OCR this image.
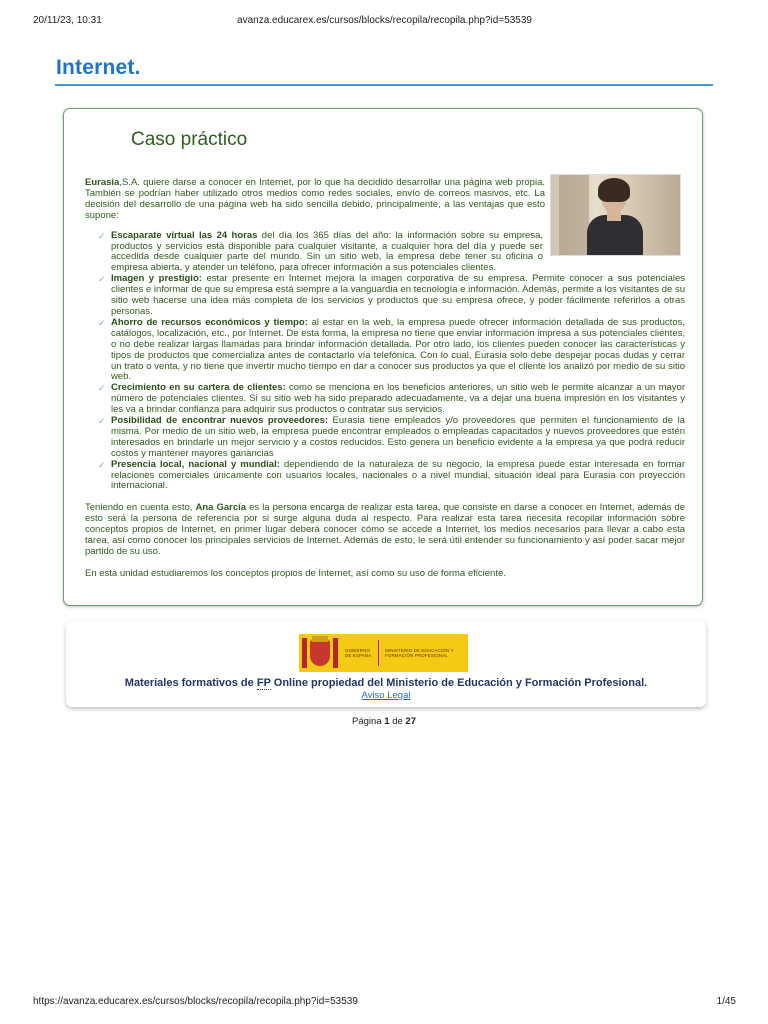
20/11/23, 10:31	avanza.educarex.es/cursos/blocks/recopila/recopila.php?id=53539
Internet.
Caso práctico

Eurasia,S.A. quiere darse a conocer en Internet, por lo que ha decidido desarrollar una página web propia. También se podrían haber utilizado otros medios como redes sociales, envío de correos masivos, etc. La decisión del desarrollo de una página web ha sido sencilla debido, principalmente, a las ventajas que esto supone:

✓ Escaparate virtual las 24 horas del día los 365 días del año: la información sobre su empresa, productos y servicios está disponible para cualquier visitante, a cualquier hora del día y puede ser accedida desde cualquier parte del mundo. Sin un sitio web, la empresa debe tener su oficina o empresa abierta, y atender un teléfono, para ofrecer información a sus potenciales clientes.
✓ Imagen y prestigio: estar presente en Internet mejora la imagen corporativa de su empresa. Permite conocer a sus potenciales clientes e informar de que su empresa está siempre a la vanguardia en tecnología e información. Además, permite a los visitantes de su sitio web hacerse una idea más completa de los servicios y productos que su empresa ofrece, y poder fácilmente referirlos a otras personas.
✓ Ahorro de recursos económicos y tiempo: al estar en la web, la empresa puede ofrecer información detallada de sus productos, catálogos, localización, etc., por Internet. De esta forma, la empresa no tiene que enviar información impresa a sus potenciales clientes, o no debe realizar largas llamadas para brindar información detallada. Por otro lado, los clientes pueden conocer las características y tipos de productos que comercializa antes de contactarlo vía telefónica. Con lo cual, Eurasia solo debe despejar pocas dudas y cerrar un trato o venta, y no tiene que invertir mucho tiempo en dar a conocer sus productos ya que el cliente los analizó por medio de su sitio web.
✓ Crecimiento en su cartera de clientes: como se menciona en los beneficios anteriores, un sitio web le permite alcanzar a un mayor número de potenciales clientes. Si su sitio web ha sido preparado adecuadamente, va a dejar una buena impresión en los visitantes y les va a brindar confianza para adquirir sus productos o contratar sus servicios.
✓ Posibilidad de encontrar nuevos proveedores: Eurasia tiene empleados y/o proveedores que permiten el funcionamiento de la misma. Por medio de un sitio web, la empresa puede encontrar empleados o empleadas capacitados y nuevos proveedores que estén interesados en brindarle un mejor servicio y a costos reducidos. Esto genera un beneficio evidente a la empresa ya que podrá reducir costos y mantener mayores ganancias
✓ Presencia local, nacional y mundial: dependiendo de la naturaleza de su negocio, la empresa puede estar interesada en formar relaciones comerciales únicamente con usuarios locales, nacionales o a nivel mundial, situación ideal para Eurasia con proyección internacional.

Teniendo en cuenta esto, Ana García es la persona encarga de realizar esta tarea, que consiste en darse a conocer en Internet, además de esto será la persona de referencia por si surge alguna duda al respecto. Para realizar esta tarea necesita recopilar información sobre conceptos propios de Internet, en primer lugar deberá conocer cómo se accede a Internet, los medios necesarios para llevar a cabo esta tarea, así como conocer los principales servicios de Internet. Además de esto, le será útil entender su funcionamiento y así poder sacar mejor partido de su uso.

En esta unidad estudiaremos los conceptos propios de Internet, así como su uso de forma eficiente.

GOBIERNO DE ESPAÑA
MINISTERIO DE EDUCACIÓN Y FORMACIÓN PROFESIONAL
Materiales formativos de FP Online propiedad del Ministerio de Educación y Formación Profesional.
Aviso Legal
Página 1 de 27
https://avanza.educarex.es/cursos/blocks/recopila/recopila.php?id=53539	1/45
